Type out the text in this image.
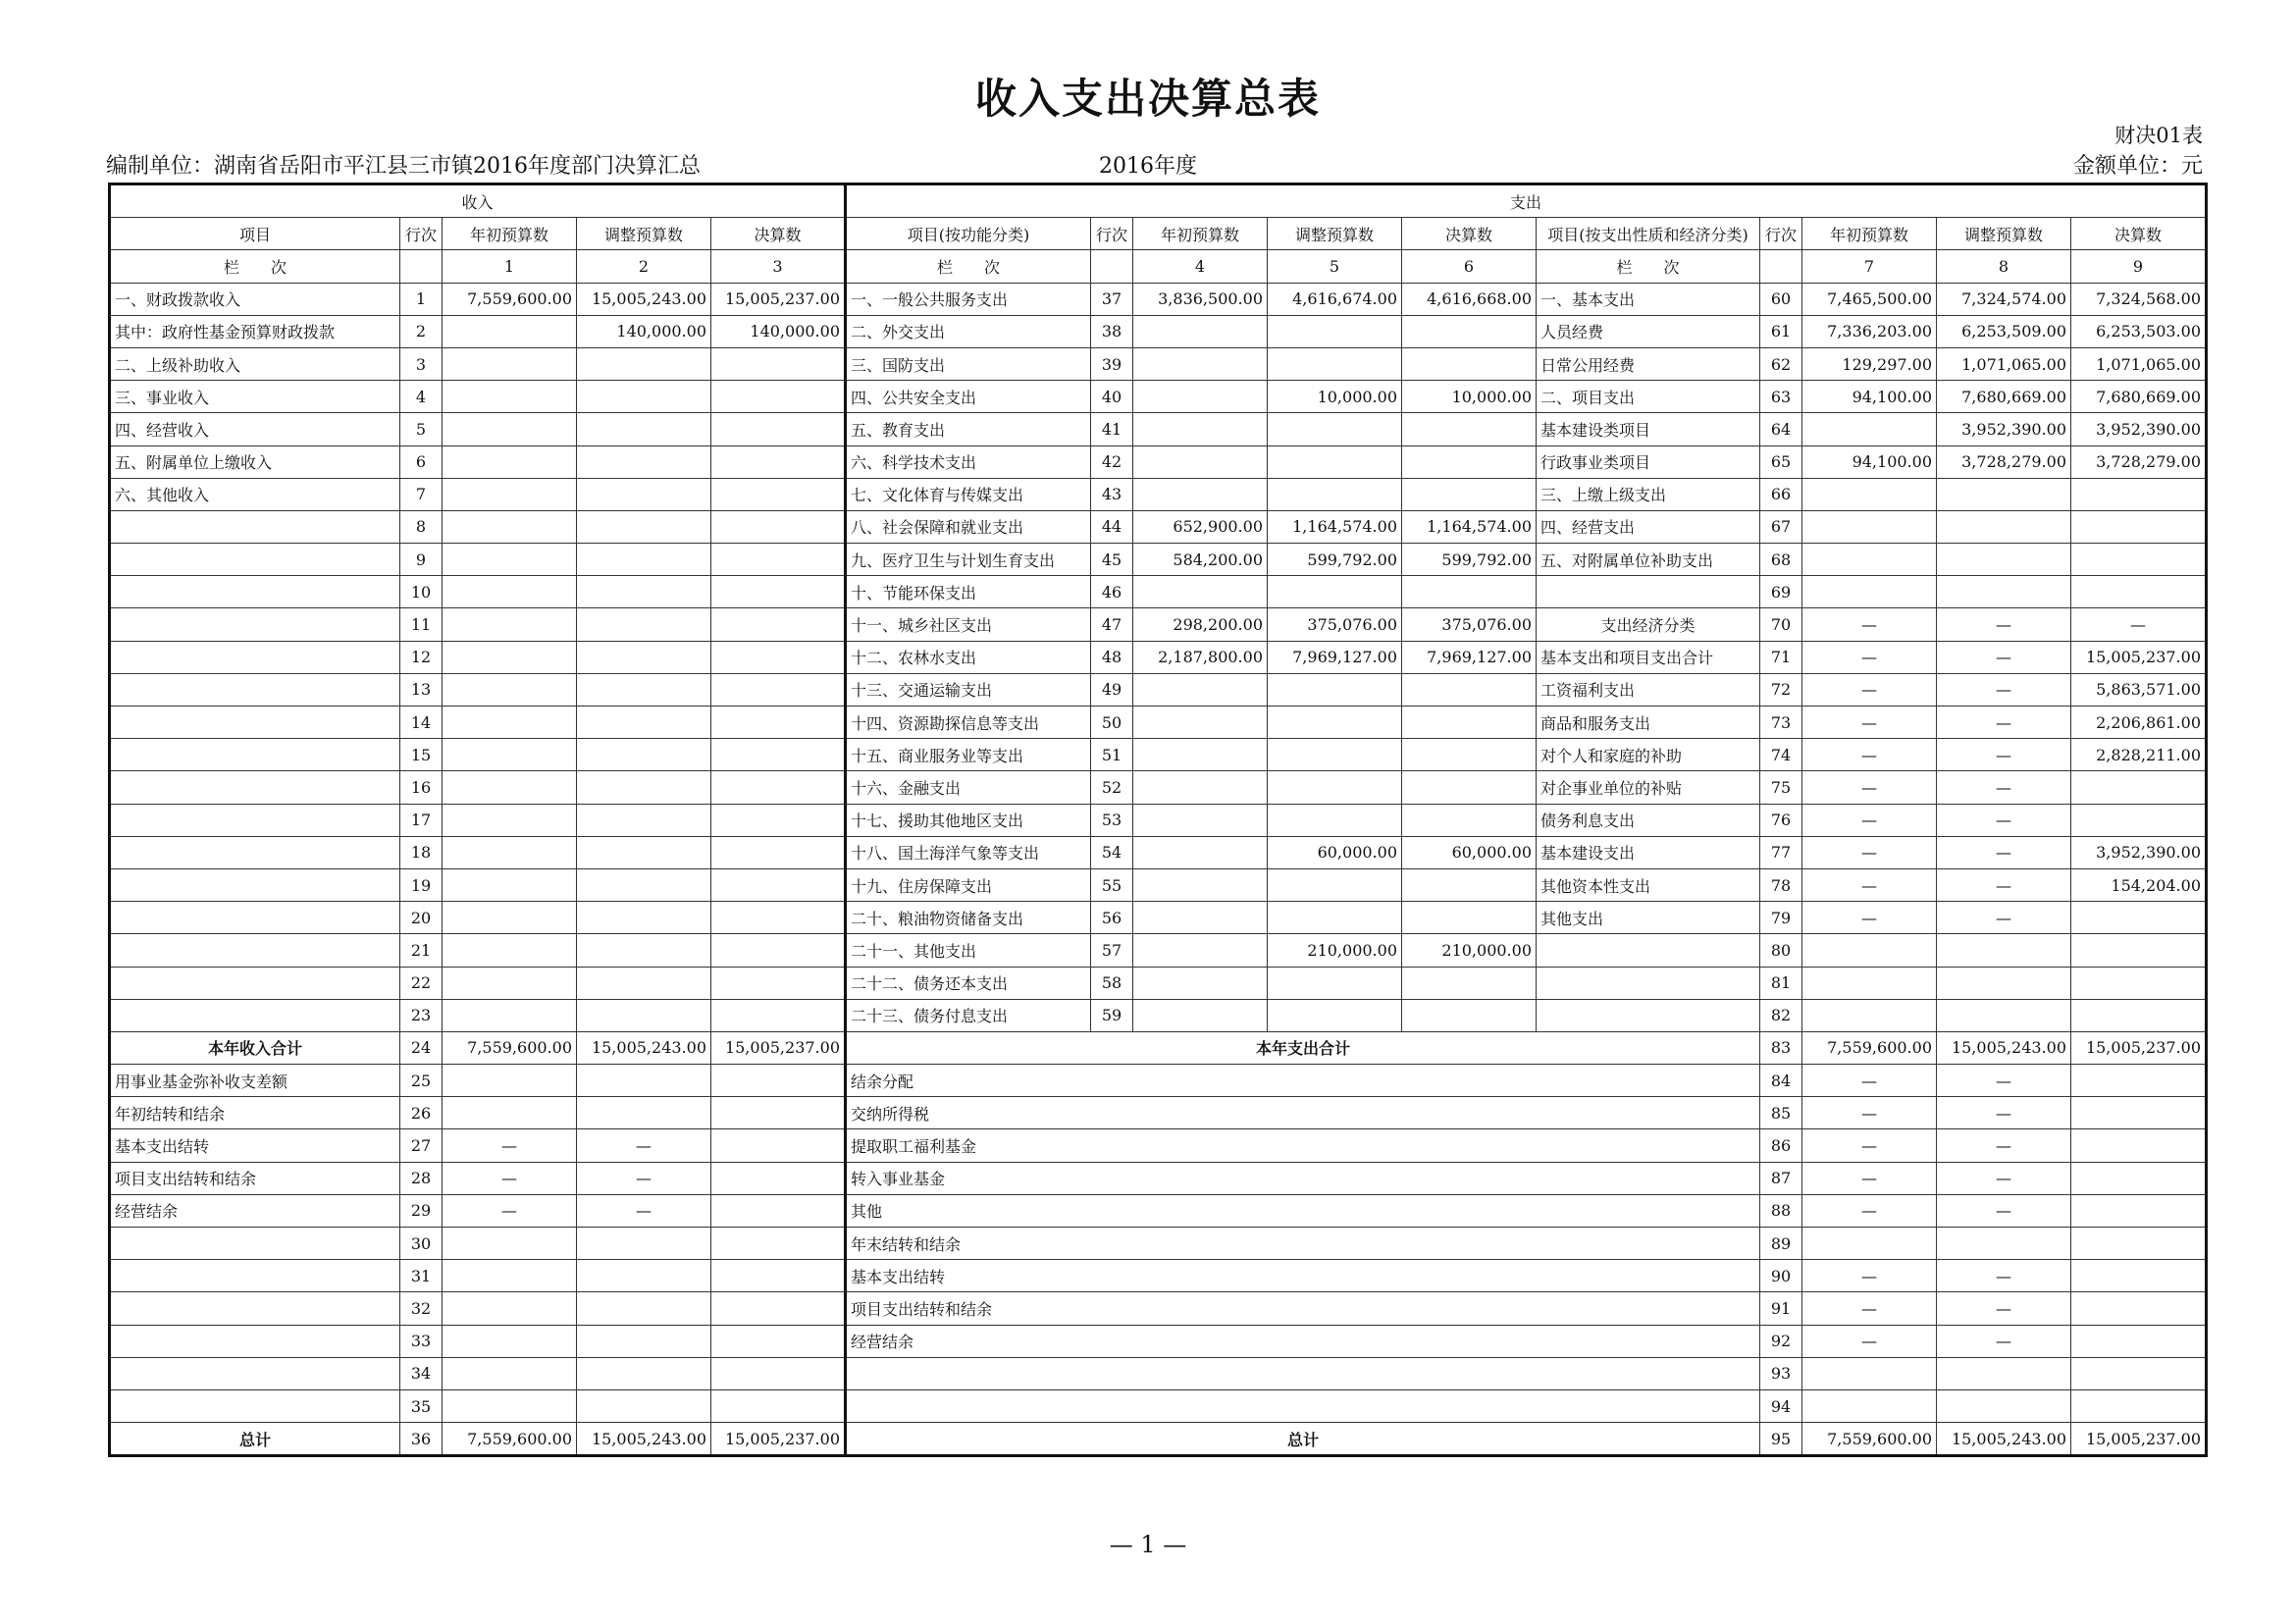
收入支出决算总表
财决01表
编制单位：湖南省岳阳市平江县三市镇2016年度部门决算汇总	2016年度	金额单位：元
收入					支出									
项目	行次	年初预算数	调整预算数	决算数	项目(按功能分类)	行次	年初预算数	调整预算数	决算数	项目(按支出性质和经济分类)	行次	年初预算数	调整预算数	决算数
栏　　次		1	2	3	栏　　次		4	5	6	栏　　次		7	8	9
一、财政拨款收入	1	7,559,600.00	15,005,243.00	15,005,237.00	一、一般公共服务支出	37	3,836,500.00	4,616,674.00	4,616,668.00	一、基本支出	60	7,465,500.00	7,324,574.00	7,324,568.00
其中：政府性基金预算财政拨款	2		140,000.00	140,000.00	二、外交支出	38				人员经费	61	7,336,203.00	6,253,509.00	6,253,503.00
二、上级补助收入	3				三、国防支出	39				日常公用经费	62	129,297.00	1,071,065.00	1,071,065.00
三、事业收入	4				四、公共安全支出	40		10,000.00	10,000.00	二、项目支出	63	94,100.00	7,680,669.00	7,680,669.00
四、经营收入	5				五、教育支出	41				基本建设类项目	64		3,952,390.00	3,952,390.00
五、附属单位上缴收入	6				六、科学技术支出	42				行政事业类项目	65	94,100.00	3,728,279.00	3,728,279.00
六、其他收入	7				七、文化体育与传媒支出	43				三、上缴上级支出	66			
	8				八、社会保障和就业支出	44	652,900.00	1,164,574.00	1,164,574.00	四、经营支出	67			
	9				九、医疗卫生与计划生育支出	45	584,200.00	599,792.00	599,792.00	五、对附属单位补助支出	68			
	10				十、节能环保支出	46					69			
	11				十一、城乡社区支出	47	298,200.00	375,076.00	375,076.00	支出经济分类	70	—	—	—
	12				十二、农林水支出	48	2,187,800.00	7,969,127.00	7,969,127.00	基本支出和项目支出合计	71	—	—	15,005,237.00
	13				十三、交通运输支出	49				工资福利支出	72	—	—	5,863,571.00
	14				十四、资源勘探信息等支出	50				商品和服务支出	73	—	—	2,206,861.00
	15				十五、商业服务业等支出	51				对个人和家庭的补助	74	—	—	2,828,211.00
	16				十六、金融支出	52				对企事业单位的补贴	75	—	—	
	17				十七、援助其他地区支出	53				债务利息支出	76	—	—	
	18				十八、国土海洋气象等支出	54		60,000.00	60,000.00	基本建设支出	77	—	—	3,952,390.00
	19				十九、住房保障支出	55				其他资本性支出	78	—	—	154,204.00
	20				二十、粮油物资储备支出	56				其他支出	79	—	—	
	21				二十一、其他支出	57		210,000.00	210,000.00		80			
	22				二十二、债务还本支出	58					81			
	23				二十三、债务付息支出	59					82			
本年收入合计	24	7,559,600.00	15,005,243.00	15,005,237.00	本年支出合计						83	7,559,600.00	15,005,243.00	15,005,237.00
用事业基金弥补收支差额	25				结余分配						84	—	—	
年初结转和结余	26				交纳所得税						85	—	—	
基本支出结转	27	—	—		提取职工福利基金						86	—	—	
项目支出结转和结余	28	—	—		转入事业基金						87	—	—	
经营结余	29	—	—		其他						88	—	—	
	30				年末结转和结余						89			
	31				基本支出结转						90	—	—	
	32				项目支出结转和结余						91	—	—	
	33				经营结余						92	—	—	
	34										93			
	35										94			
总计	36	7,559,600.00	15,005,243.00	15,005,237.00	总计						95	7,559,600.00	15,005,243.00	15,005,237.00
— 1 —
